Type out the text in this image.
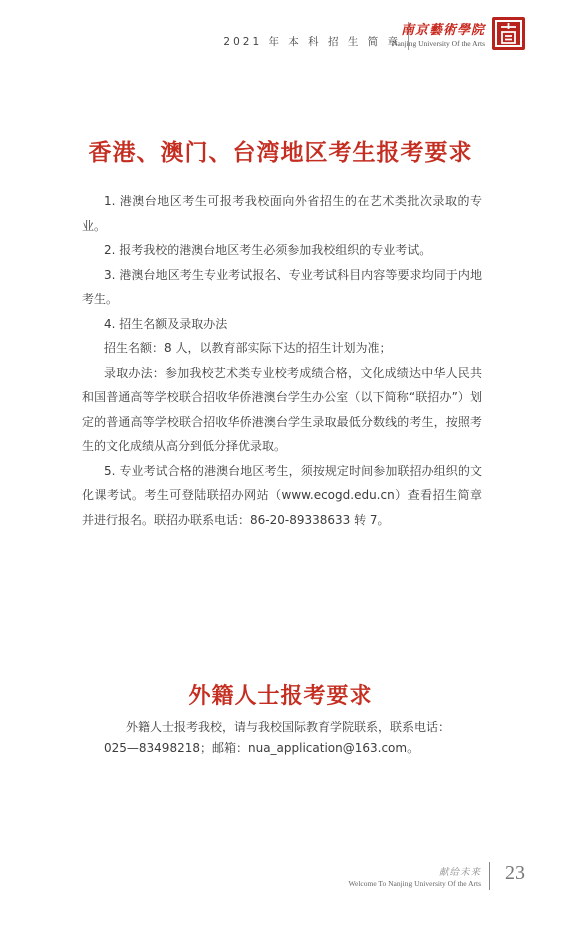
2021 年 本 科 招 生 简 章
南京藝術學院
Nanjing University Of the Arts
香港、澳门、台湾地区考生报考要求

1. 港澳台地区考生可报考我校面向外省招生的在艺术类批次录取的专业。

2. 报考我校的港澳台地区考生必须参加我校组织的专业考试。

3. 港澳台地区考生专业考试报名、专业考试科目内容等要求均同于内地考生。

4. 招生名额及录取办法

招生名额：8 人，以教育部实际下达的招生计划为准；

录取办法：参加我校艺术类专业校考成绩合格，文化成绩达中华人民共和国普通高等学校联合招收华侨港澳台学生办公室（以下简称“联招办”）划定的普通高等学校联合招收华侨港澳台学生录取最低分数线的考生，按照考生的文化成绩从高分到低分择优录取。

5. 专业考试合格的港澳台地区考生，须按规定时间参加联招办组织的文化课考试。考生可登陆联招办网站（www.ecogd.edu.cn）查看招生简章并进行报名。联招办联系电话：86-20-89338633 转 7。

外籍人士报考要求

外籍人士报考我校，请与我校国际教育学院联系，联系电话：

025—83498218；邮箱：nua_application@163.com。

献给未来
Welcome To Nanjing University Of the Arts 23
